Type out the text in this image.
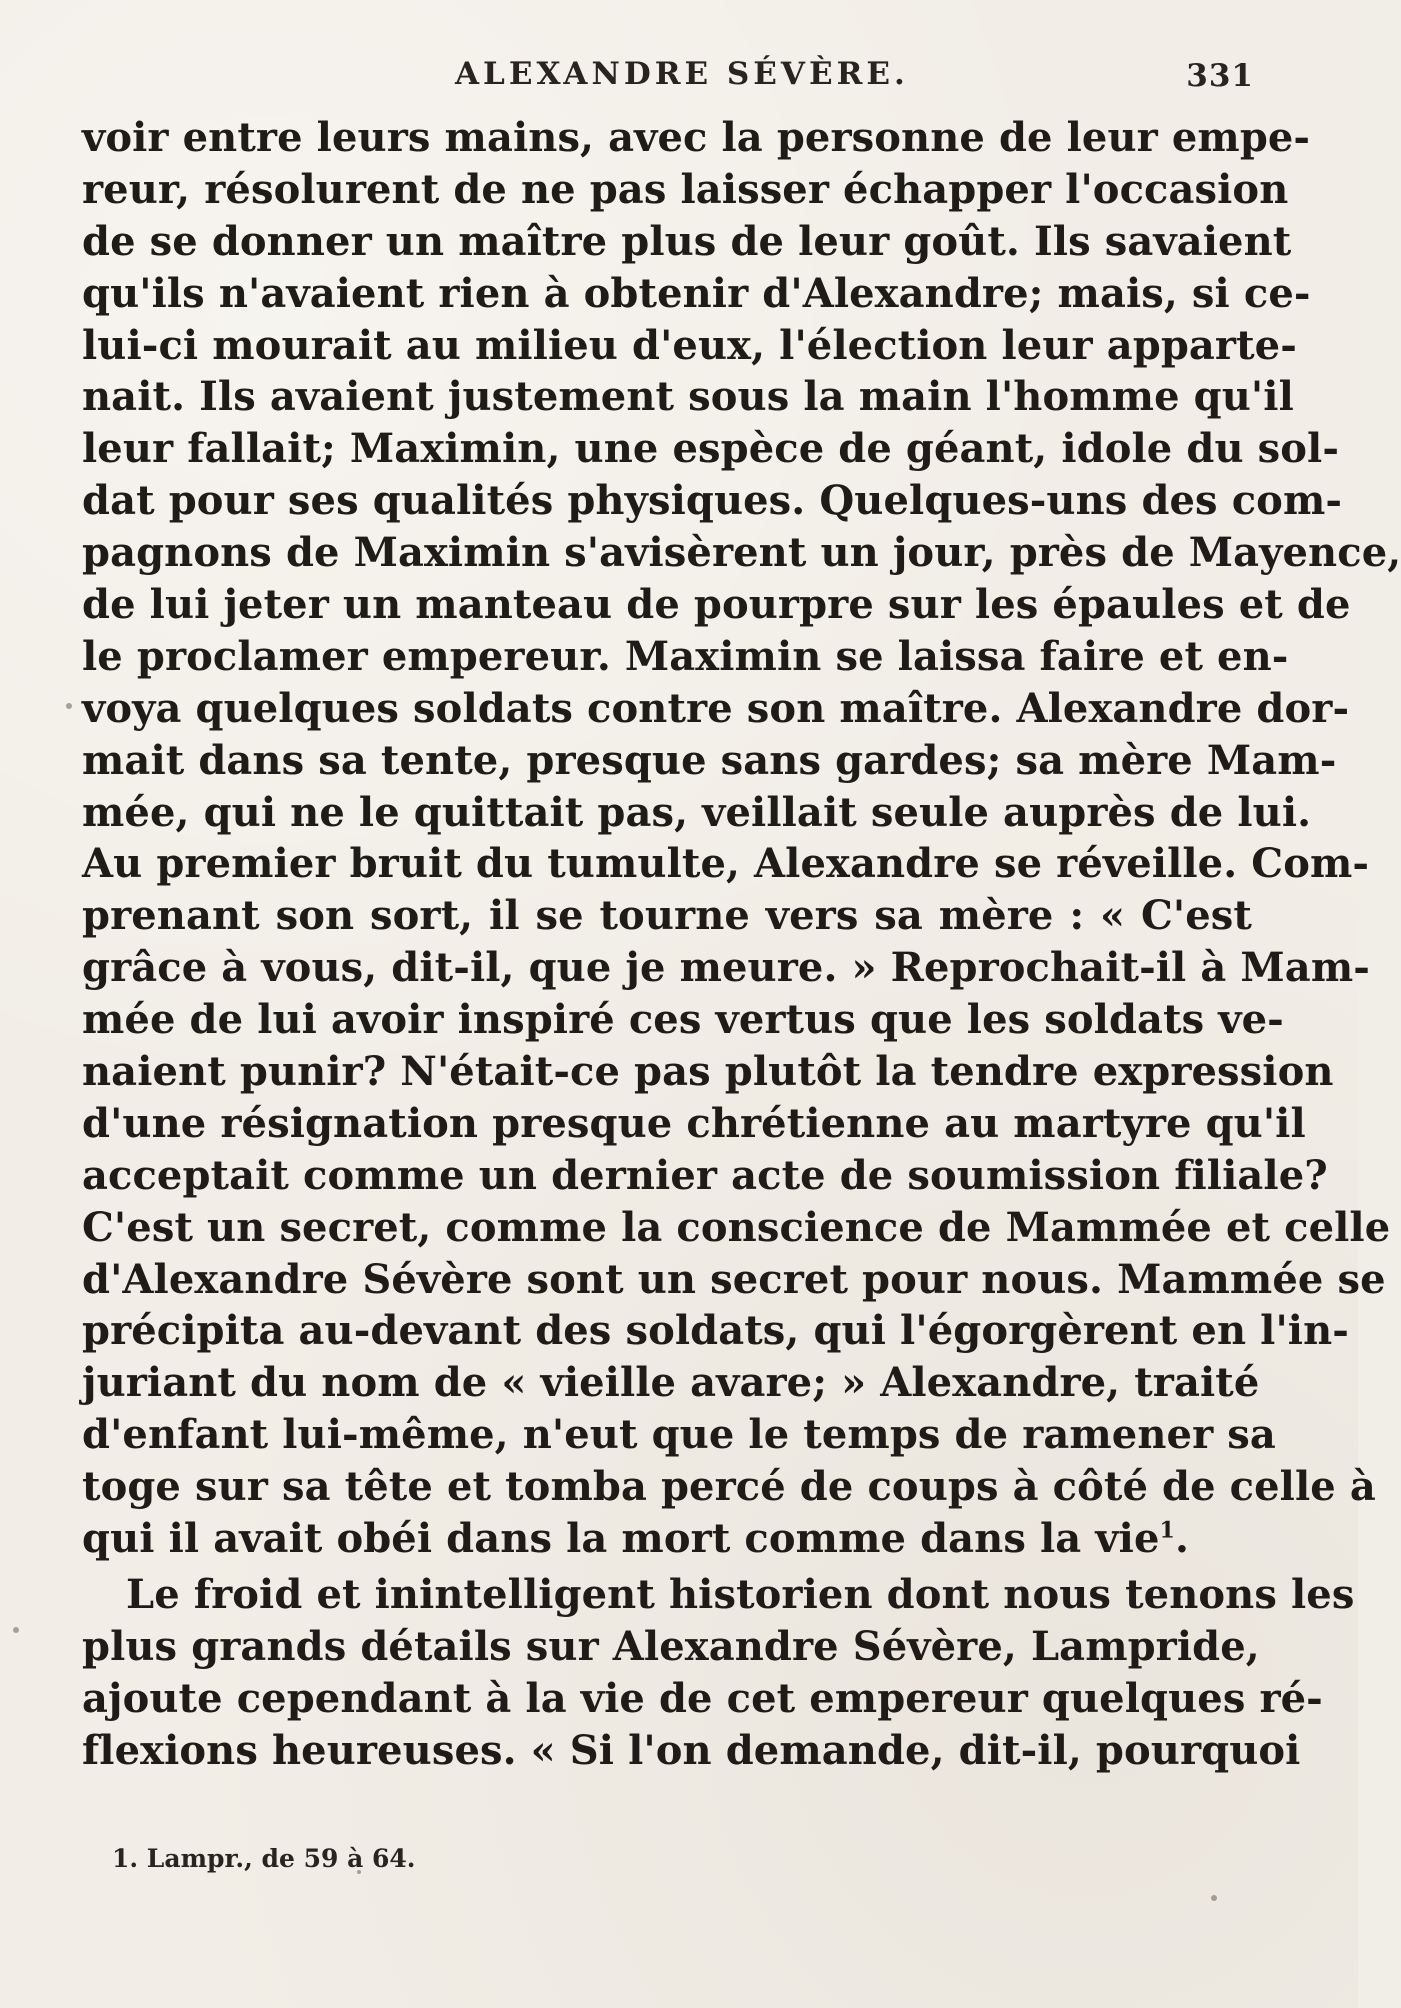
ALEXANDRE SÉVÈRE.	331
voir entre leurs mains, avec la personne de leur empe-
reur, résolurent de ne pas laisser échapper l'occasion
de se donner un maître plus de leur goût. Ils savaient
qu'ils n'avaient rien à obtenir d'Alexandre; mais, si ce-
lui-ci mourait au milieu d'eux, l'élection leur apparte-
nait. Ils avaient justement sous la main l'homme qu'il
leur fallait; Maximin, une espèce de géant, idole du sol-
dat pour ses qualités physiques. Quelques-uns des com-
pagnons de Maximin s'avisèrent un jour, près de Mayence,
de lui jeter un manteau de pourpre sur les épaules et de
le proclamer empereur. Maximin se laissa faire et en-
voya quelques soldats contre son maître. Alexandre dor-
mait dans sa tente, presque sans gardes; sa mère Mam-
mée, qui ne le quittait pas, veillait seule auprès de lui.
Au premier bruit du tumulte, Alexandre se réveille. Com-
prenant son sort, il se tourne vers sa mère : « C'est
grâce à vous, dit-il, que je meure. » Reprochait-il à Mam-
mée de lui avoir inspiré ces vertus que les soldats ve-
naient punir? N'était-ce pas plutôt la tendre expression
d'une résignation presque chrétienne au martyre qu'il
acceptait comme un dernier acte de soumission filiale?
C'est un secret, comme la conscience de Mammée et celle
d'Alexandre Sévère sont un secret pour nous. Mammée se
précipita au-devant des soldats, qui l'égorgèrent en l'in-
juriant du nom de « vieille avare; » Alexandre, traité
d'enfant lui-même, n'eut que le temps de ramener sa
toge sur sa tête et tomba percé de coups à côté de celle à
qui il avait obéi dans la mort comme dans la vie$^1$.
Le froid et inintelligent historien dont nous tenons les
plus grands détails sur Alexandre Sévère, Lampride,
ajoute cependant à la vie de cet empereur quelques ré-
flexions heureuses. « Si l'on demande, dit-il, pourquoi
1. Lampr., de 59 à 64.
